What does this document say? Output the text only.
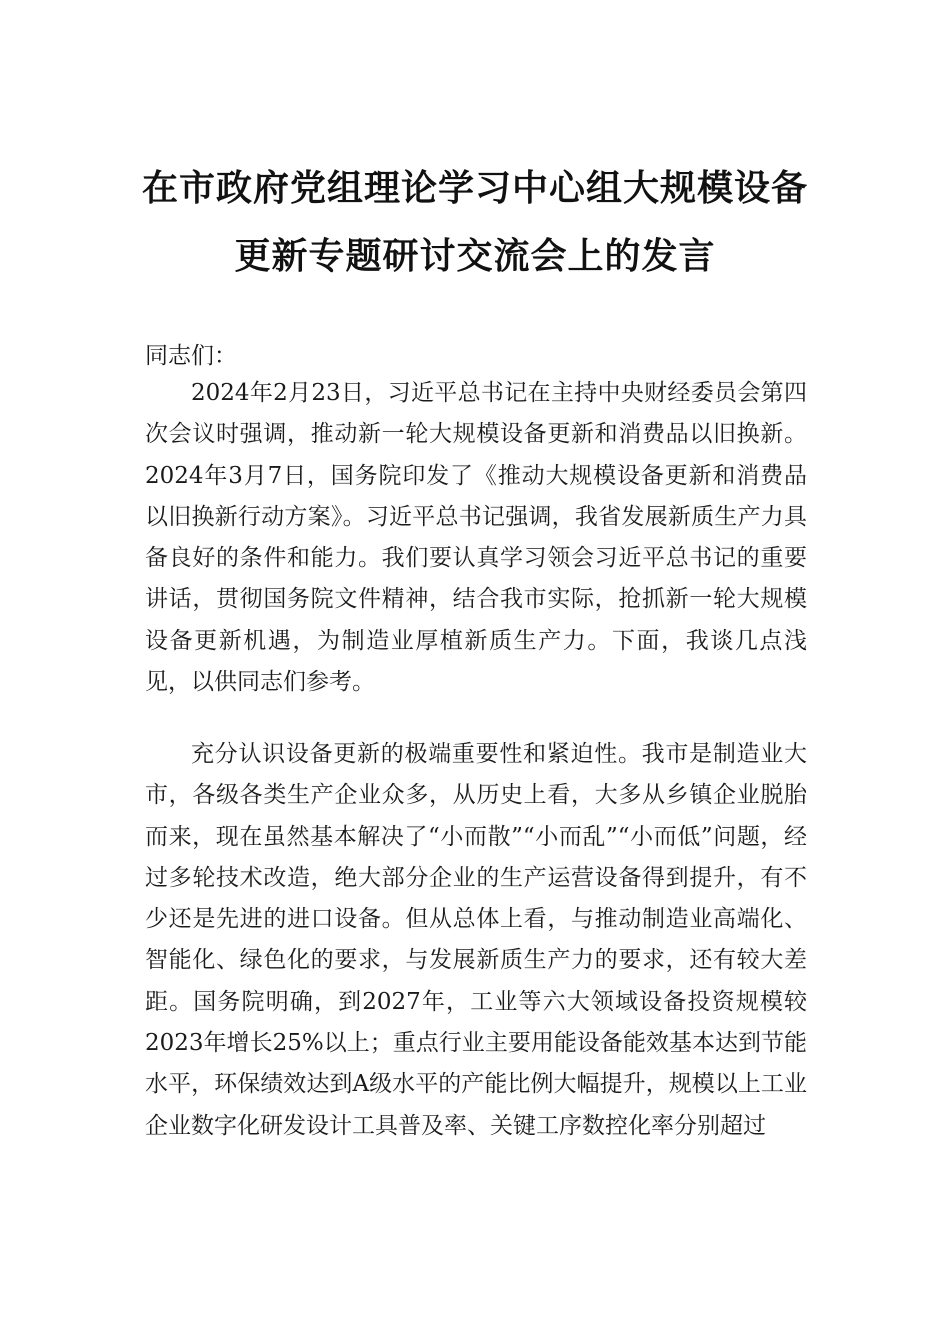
在市政府党组理论学习中心组大规模设备
更新专题研讨交流会上的发言
同志们：

2024年2月23日，习近平总书记在主持中央财经委员会第四次会议时强调，推动新一轮大规模设备更新和消费品以旧换新。2024年3月7日，国务院印发了《推动大规模设备更新和消费品以旧换新行动方案》。习近平总书记强调，我省发展新质生产力具备良好的条件和能力。我们要认真学习领会习近平总书记的重要讲话，贯彻国务院文件精神，结合我市实际，抢抓新一轮大规模设备更新机遇，为制造业厚植新质生产力。下面，我谈几点浅见，以供同志们参考。

充分认识设备更新的极端重要性和紧迫性。我市是制造业大市，各级各类生产企业众多，从历史上看，大多从乡镇企业脱胎而来，现在虽然基本解决了“小而散”“小而乱”“小而低”问题，经过多轮技术改造，绝大部分企业的生产运营设备得到提升，有不少还是先进的进口设备。但从总体上看，与推动制造业高端化、智能化、绿色化的要求，与发展新质生产力的要求，还有较大差距。国务院明确，到2027年，工业等六大领域设备投资规模较2023年增长25%以上；重点行业主要用能设备能效基本达到节能水平，环保绩效达到A级水平的产能比例大幅提升，规模以上工业企业数字化研发设计工具普及率、关键工序数控化率分别超过
